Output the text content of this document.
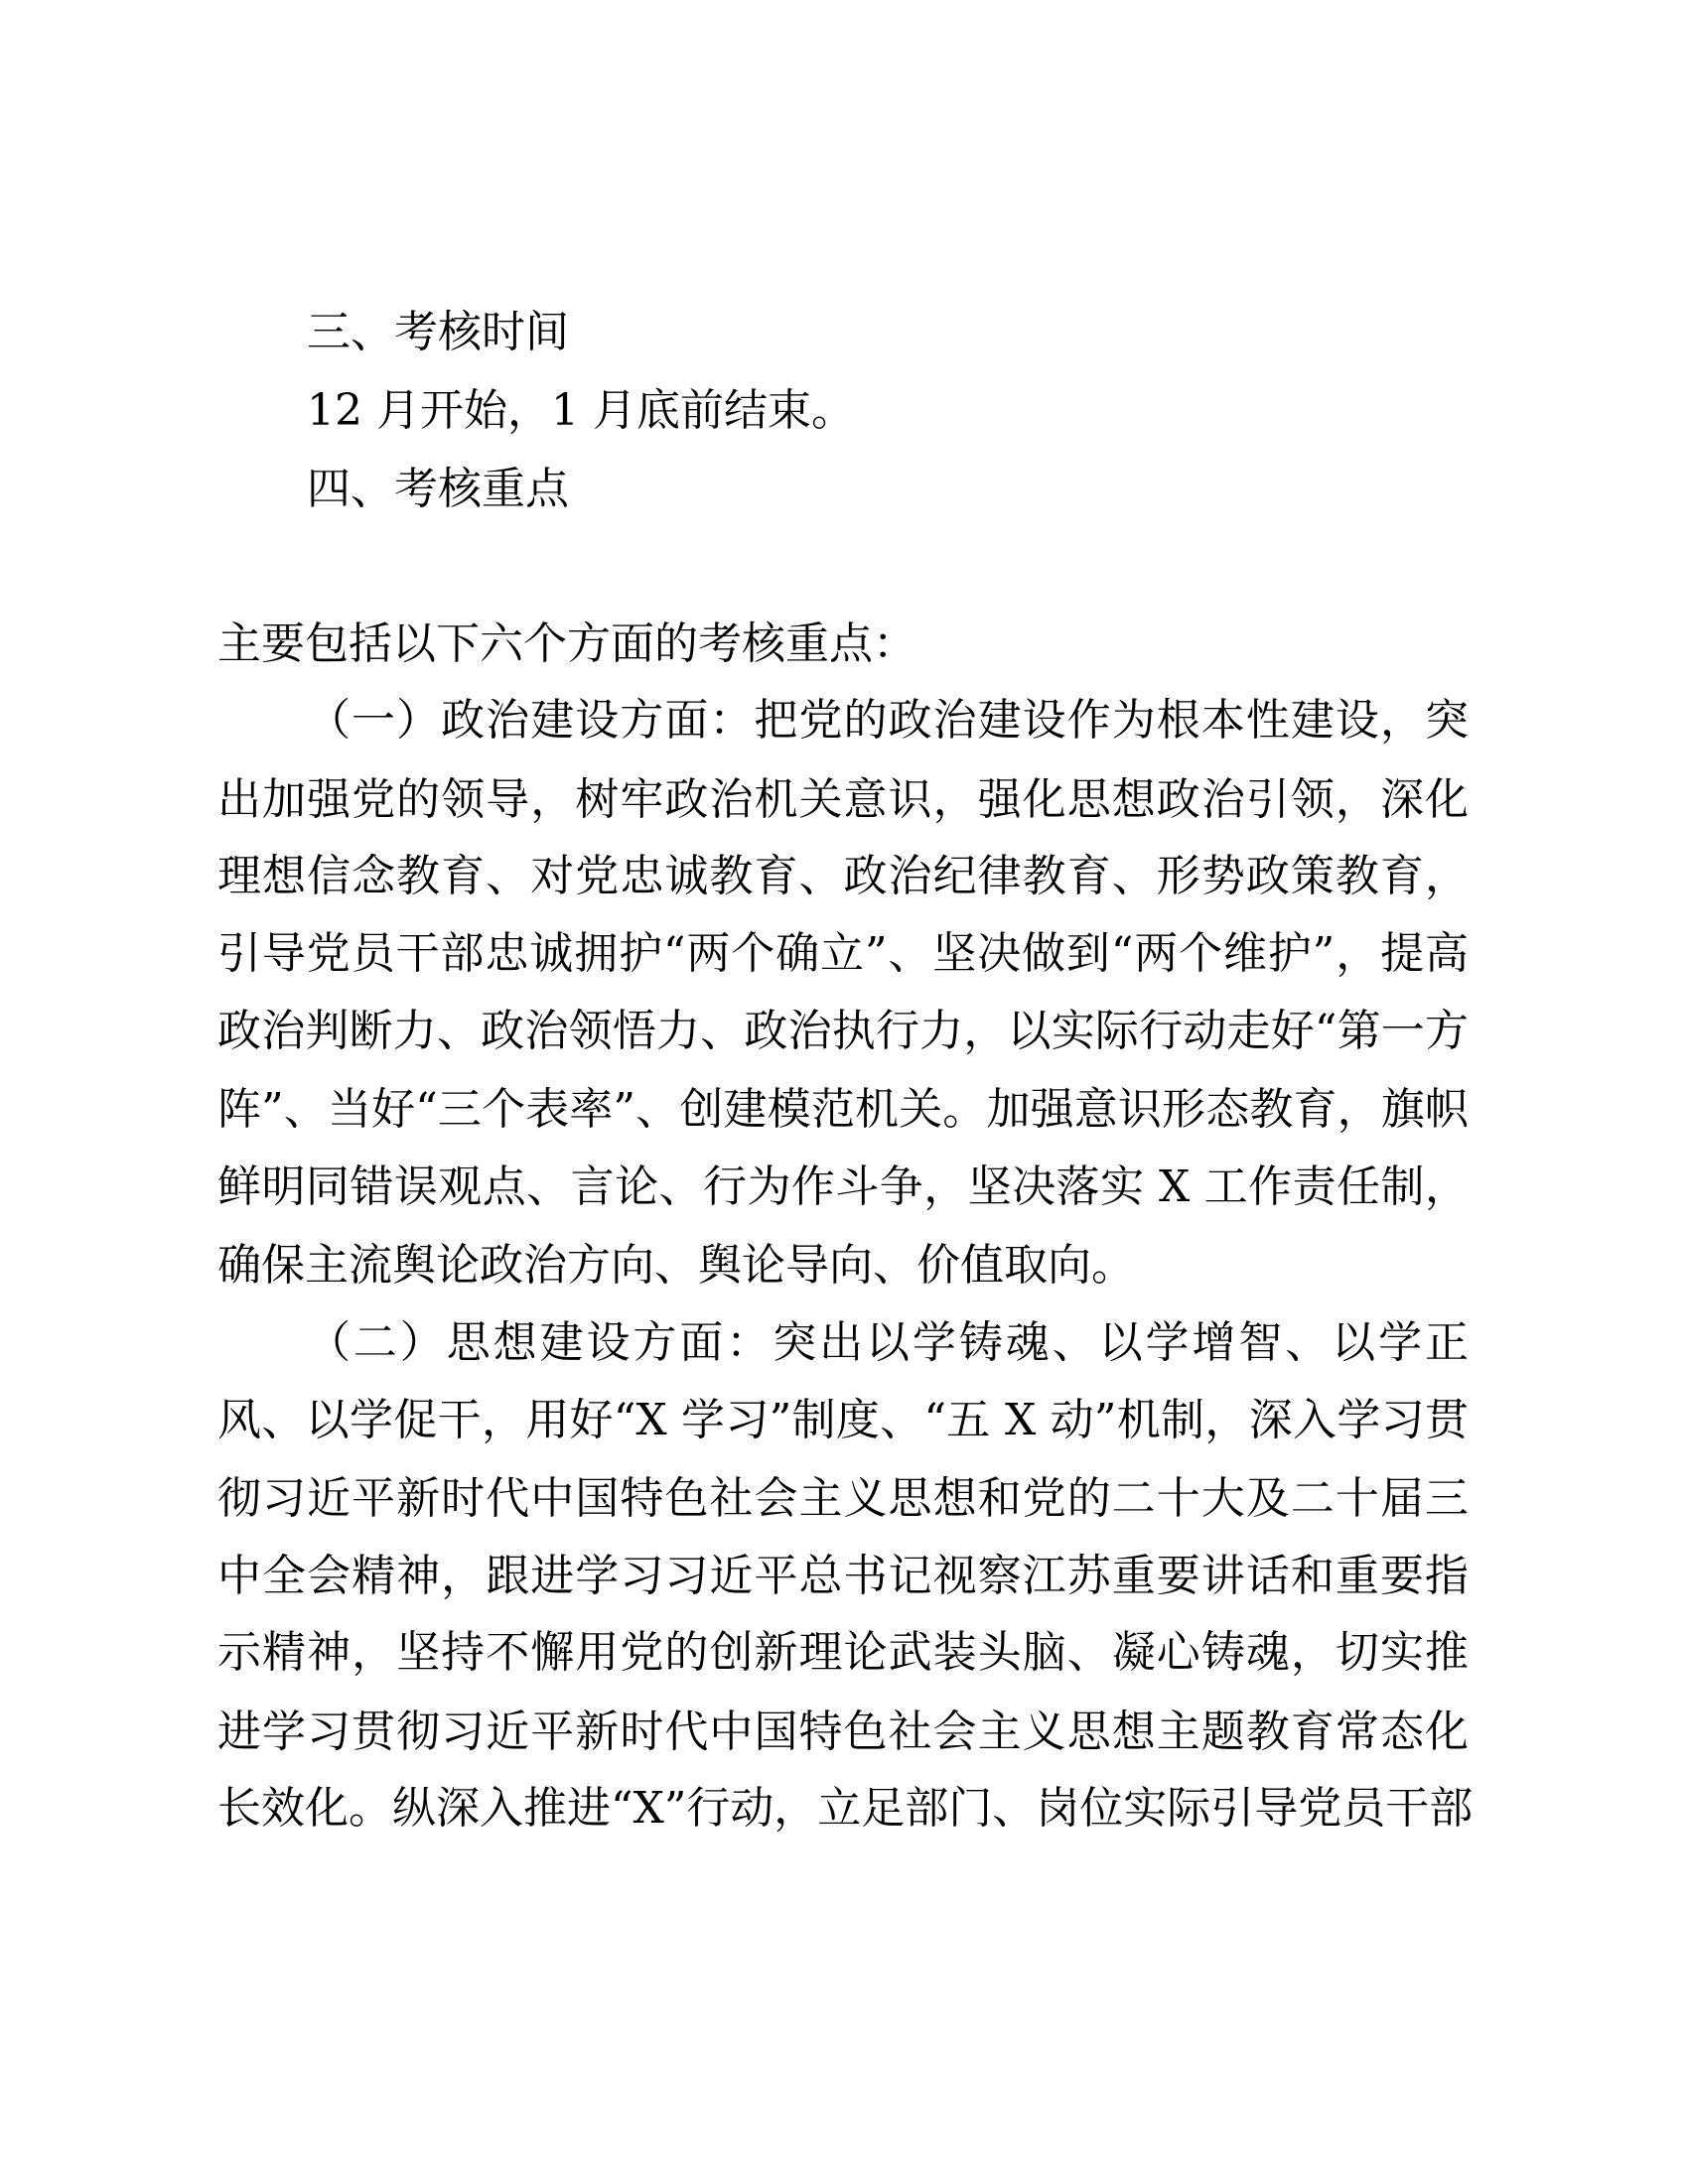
三、考核时间
12 月开始，1 月底前结束。
四、考核重点
主要包括以下六个方面的考核重点：
（一）政治建设方面：把党的政治建设作为根本性建设，突
出加强党的领导，树牢政治机关意识，强化思想政治引领，深化
理想信念教育、对党忠诚教育、政治纪律教育、形势政策教育，
引导党员干部忠诚拥护“两个确立”、坚决做到“两个维护”，提高
政治判断力、政治领悟力、政治执行力，以实际行动走好“第一方
阵”、当好“三个表率”、创建模范机关。加强意识形态教育，旗帜
鲜明同错误观点、言论、行为作斗争，坚决落实 X 工作责任制，
确保主流舆论政治方向、舆论导向、价值取向。
（二）思想建设方面：突出以学铸魂、以学增智、以学正
风、以学促干，用好“X 学习”制度、“五 X 动”机制，深入学习贯
彻习近平新时代中国特色社会主义思想和党的二十大及二十届三
中全会精神，跟进学习习近平总书记视察江苏重要讲话和重要指
示精神，坚持不懈用党的创新理论武装头脑、凝心铸魂，切实推
进学习贯彻习近平新时代中国特色社会主义思想主题教育常态化
长效化。纵深入推进“X”行动，立足部门、岗位实际引导党员干部
